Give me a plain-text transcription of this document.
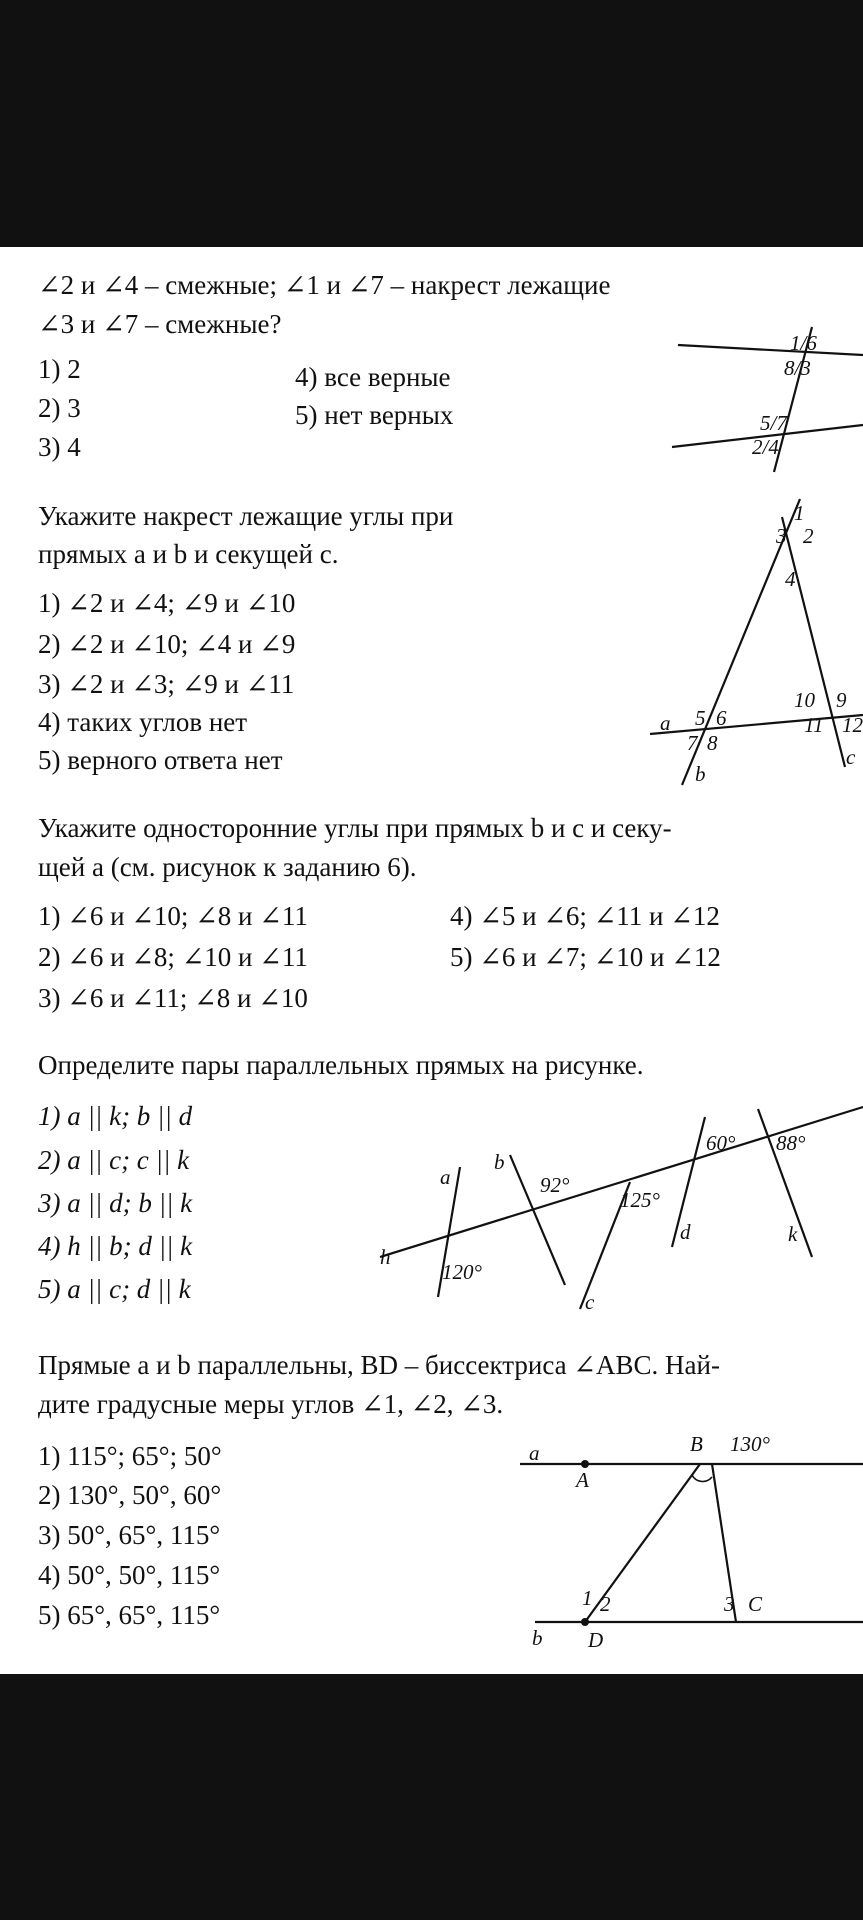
∠2 и ∠4 – смежные; ∠1 и ∠7 – накрест лежащие
∠3 и ∠7 – смежные?
1) 2
2) 3
3) 4
4) все верные
5) нет верных
1/6
8/3
5/7
2/4
Укажите накрест лежащие углы при
прямых a и b и секущей c.
1) ∠2 и ∠4; ∠9 и ∠10
2) ∠2 и ∠10; ∠4 и ∠9
3) ∠2 и ∠3; ∠9 и ∠11
4) таких углов нет
5) верного ответа нет
1
3 2
4
a 5 6
7 8
b
10 9
11 12
c
Укажите односторонние углы при прямых b и c и секу-
щей a (см. рисунок к заданию 6).
1) ∠6 и ∠10; ∠8 и ∠11
2) ∠6 и ∠8; ∠10 и ∠11
3) ∠6 и ∠11; ∠8 и ∠10
4) ∠5 и ∠6; ∠11 и ∠12
5) ∠6 и ∠7; ∠10 и ∠12
Определите пары параллельных прямых на рисунке.
1) a || k; b || d
2) a || c; c || k
3) a || d; b || k
4) h || b; d || k
5) a || c; d || k
a
b
h
120°
92°
c
125°
d
60° 88°
k
Прямые a и b параллельны, BD – биссектриса ∠ABC. Най-
дите градусные меры углов ∠1, ∠2, ∠3.
1) 115°; 65°; 50°
2) 130°, 50°, 60°
3) 50°, 65°, 115°
4) 50°, 50°, 115°
5) 65°, 65°, 115°
a
A
B 130°
1 2	3 C
b D
